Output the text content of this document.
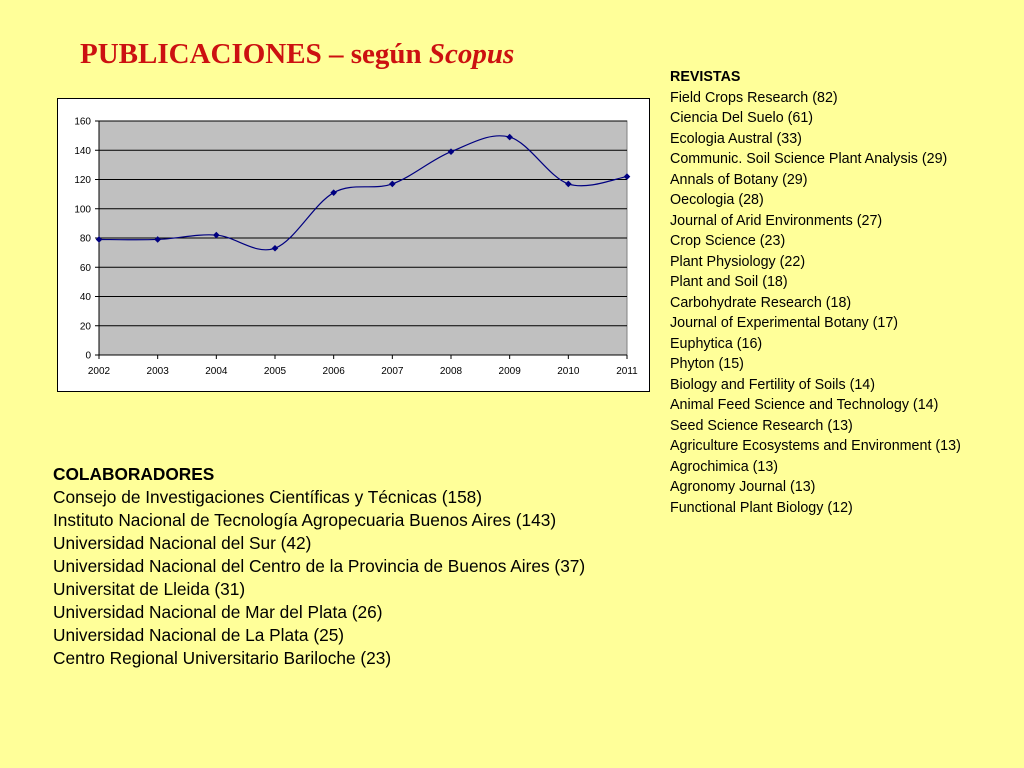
PUBLICACIONES – según Scopus
0
20
40
60
80
100
120
140
160
2002	2003	2004	2005	2006	2007	2008	2009	2010	2011
REVISTAS
Field Crops Research (82)
Ciencia Del Suelo (61)
Ecologia Austral (33)
Communic. Soil Science Plant Analysis (29)
Annals of Botany (29)
Oecologia (28)
Journal of Arid Environments (27)
Crop Science (23)
Plant Physiology (22)
Plant and Soil (18)
Carbohydrate Research (18)
Journal of Experimental Botany (17)
Euphytica (16)
Phyton (15)
Biology and Fertility of Soils (14)
Animal Feed Science and Technology (14)
Seed Science Research (13)
Agriculture Ecosystems and Environment (13)
Agrochimica (13)
Agronomy Journal (13)
Functional Plant Biology (12)
COLABORADORES
Consejo de Investigaciones Científicas y Técnicas (158)
Instituto Nacional de Tecnología Agropecuaria Buenos Aires (143)
Universidad Nacional del Sur (42)
Universidad Nacional del Centro de la Provincia de Buenos Aires (37)
Universitat de Lleida (31)
Universidad Nacional de Mar del Plata (26)
Universidad Nacional de La Plata (25)
Centro Regional Universitario Bariloche (23)
